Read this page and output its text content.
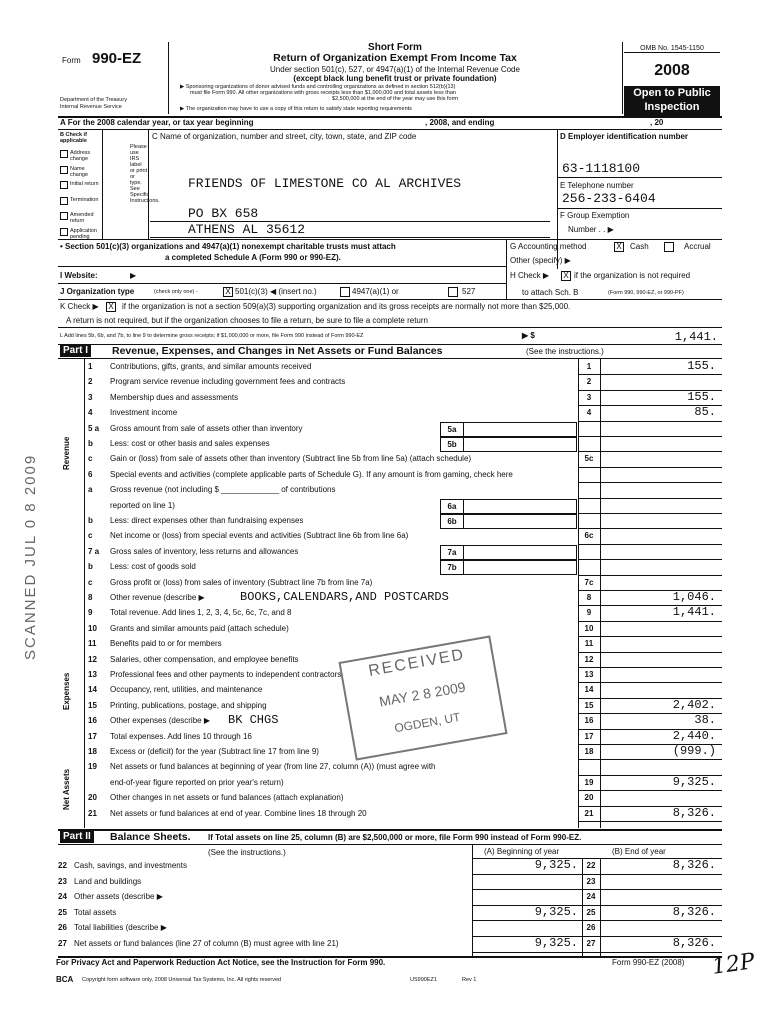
Form 990-EZ
Department of the Treasury
Internal Revenue Service
Short Form
Return of Organization Exempt From Income Tax
Under section 501(c), 527, or 4947(a)(1) of the Internal Revenue Code
(except black lung benefit trust or private foundation)
▶ Sponsoring organizations of donor advised funds and controlling organizations as defined in section 512(b)(13)
must file Form 990. All other organizations with gross receipts less than $1,000,000 and total assets less than
$2,500,000 at the end of the year may use this form
▶ The organization may have to use a copy of this return to satisfy state reporting requirements
OMB No. 1545-1150
2008
Open to Public
Inspection
A For the 2008 calendar year, or tax year beginning	, 2008, and ending	, 20
B Check if applicable
Address change
Name change
Initial return
Termination
Amended return
Application pending
Please use IRS label or print or type. See Specific Instructions.
C Name of organization, number and street, city, town, state, and ZIP code
FRIENDS OF LIMESTONE CO AL ARCHIVES
PO BX 658
ATHENS AL 35612
D Employer identification number
63-1118100
E Telephone number
256-233-6404
F Group Exemption
Number . . ▶
• Section 501(c)(3) organizations and 4947(a)(1) nonexempt charitable trusts must attach
a completed Schedule A (Form 990 or 990-EZ).
G Accounting method	X Cash	Accrual
Other (specify) ▶
I Website:	▶	H Check ▶ X if the organization is not required
to attach Sch. B	(Form 990, 990-EZ, or 990-PF)
J Organization type	(check only one) -	X 501(c)(3) ◀ (insert no.)	4947(a)(1) or	527
K Check ▶ X if the organization is not a section 509(a)(3) supporting organization and its gross receipts are normally not more than $25,000.
A return is not required, but if the organization chooses to file a return, be sure to file a complete return
L Add lines 5b, 6b, and 7b, to line 9 to determine gross receipts; if $1,000,000 or more, file Form 990 instead of Form 990-EZ	▶ $	1,441.
Part I Revenue, Expenses, and Changes in Net Assets or Fund Balances	(See the instructions.)
Revenue
Expenses
Net Assets
1 Contributions, gifts, grants, and similar amounts received	1	155.
2 Program service revenue including government fees and contracts	2
3 Membership dues and assessments	3	155.
4 Investment income	4	85.
5 a Gross amount from sale of assets other than inventory	5a
b Less: cost or other basis and sales expenses	5b
c Gain or (loss) from sale of assets other than inventory (Subtract line 5b from line 5a) (attach schedule)	5c
6 Special events and activities (complete applicable parts of Schedule G). If any amount is from gaming, check here
a Gross revenue (not including $ _____________ of contributions
reported on line 1)	6a
b Less: direct expenses other than fundraising expenses	6b
c Net income or (loss) from special events and activities (Subtract line 6b from line 6a)	6c
7 a Gross sales of inventory, less returns and allowances	7a
b Less: cost of goods sold	7b
c Gross profit or (loss) from sales of inventory (Subtract line 7b from line 7a)	7c
8 Other revenue (describe ▶	BOOKS,CALENDARS,AND POSTCARDS	8	1,046.
9 Total revenue. Add lines 1, 2, 3, 4, 5c, 6c, 7c, and 8	9	1,441.
10 Grants and similar amounts paid (attach schedule)	10
11 Benefits paid to or for members	11
12 Salaries, other compensation, and employee benefits	12
13 Professional fees and other payments to independent contractors	13
14 Occupancy, rent, utilities, and maintenance	14
15 Printing, publications, postage, and shipping	15	2,402.
16 Other expenses (describe ▶ BK CHGS	16	38.
17 Total expenses. Add lines 10 through 16	17	2,440.
18 Excess or (deficit) for the year (Subtract line 17 from line 9)	18	(999.)
19 Net assets or fund balances at beginning of year (from line 27, column (A)) (must agree with
end-of-year figure reported on prior year's return)	19	9,325.
20 Other changes in net assets or fund balances (attach explanation)	20
21 Net assets or fund balances at end of year. Combine lines 18 through 20	21	8,326.
Part II Balance Sheets. If Total assets on line 25, column (B) are $2,500,000 or more, file Form 990 instead of Form 990-EZ.
(See the instructions.)	(A) Beginning of year	(B) End of year
22 Cash, savings, and investments	9,325.	22	8,326.
23 Land and buildings	23
24 Other assets (describe ▶	24
25 Total assets	9,325.	25	8,326.
26 Total liabilities (describe ▶	26
27 Net assets or fund balances (line 27 of column (B) must agree with line 21)	9,325.	27	8,326.
For Privacy Act and Paperwork Reduction Act Notice, see the Instruction for Form 990.	Form 990-EZ (2008)
BCA Copyright form software only, 2008 Universal Tax Systems, Inc. All rights reserved	US990EZ1	Rev 1
12P
RECEIVED
MAY 2 8 2009
OGDEN, UT
SCANNED JUL 0 8 2009
